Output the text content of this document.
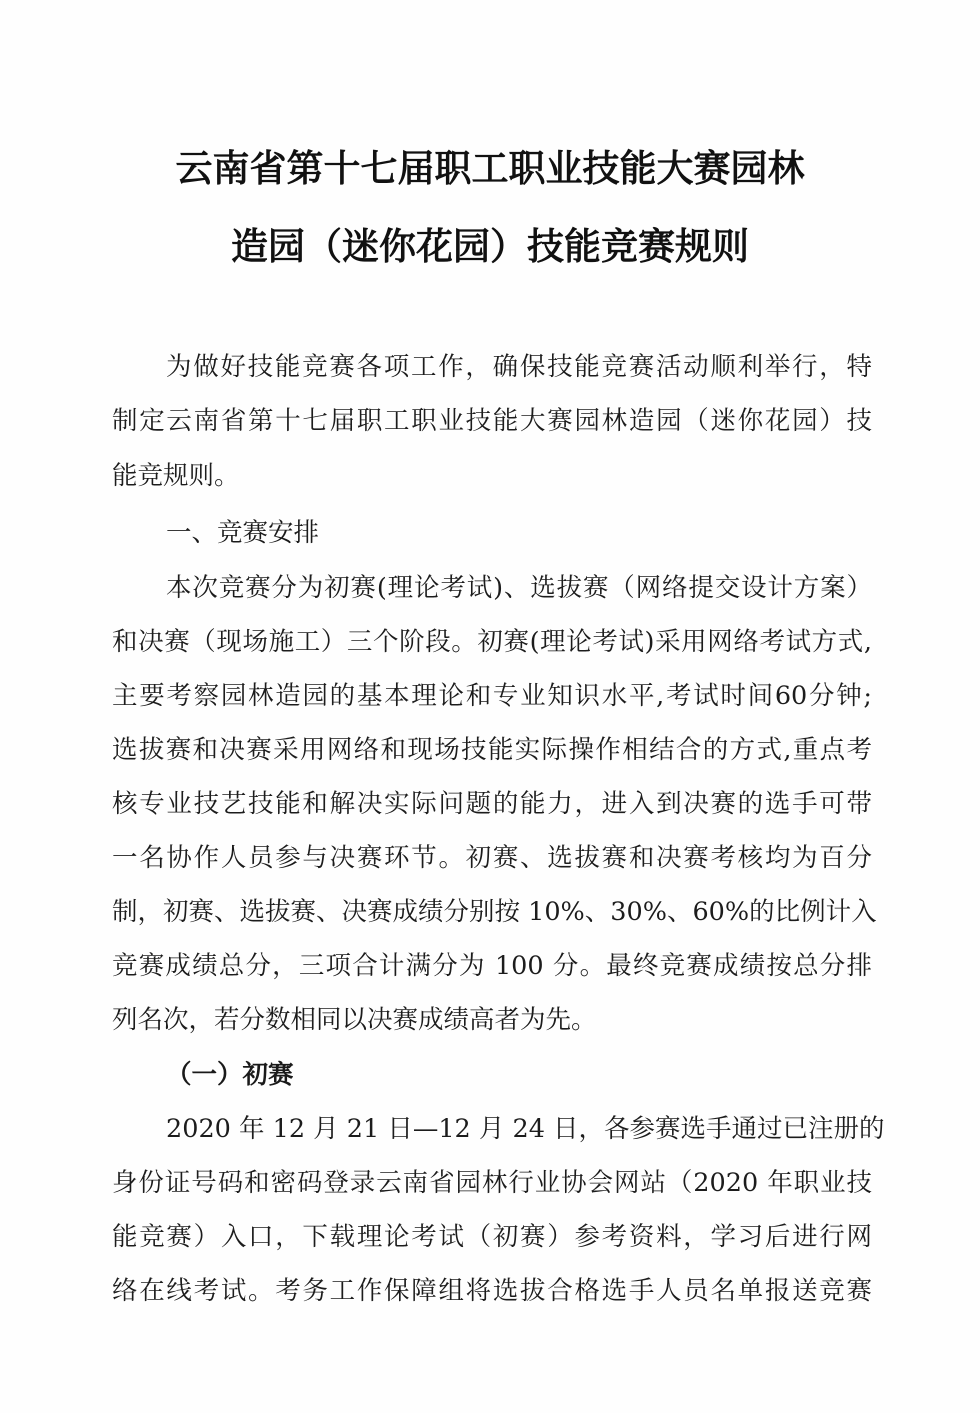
云南省第十七届职工职业技能大赛园林
造园（迷你花园）技能竞赛规则
为做好技能竞赛各项工作，确保技能竞赛活动顺利举行，特
制定云南省第十七届职工职业技能大赛园林造园（迷你花园）技
能竞规则。
一、竞赛安排
本次竞赛分为初赛(理论考试)、选拔赛（网络提交设计方案）
和决赛（现场施工）三个阶段。初赛(理论考试)采用网络考试方式,
主要考察园林造园的基本理论和专业知识水平,考试时间60分钟;
选拔赛和决赛采用网络和现场技能实际操作相结合的方式,重点考
核专业技艺技能和解决实际问题的能力，进入到决赛的选手可带
一名协作人员参与决赛环节。初赛、选拔赛和决赛考核均为百分
制，初赛、选拔赛、决赛成绩分别按 10%、30%、60%的比例计入
竞赛成绩总分，三项合计满分为 100 分。最终竞赛成绩按总分排
列名次，若分数相同以决赛成绩高者为先。
（一）初赛
2020 年 12 月 21 日—12 月 24 日，各参赛选手通过已注册的
身份证号码和密码登录云南省园林行业协会网站（2020 年职业技
能竞赛）入口，下载理论考试（初赛）参考资料，学习后进行网
络在线考试。考务工作保障组将选拔合格选手人员名单报送竞赛
